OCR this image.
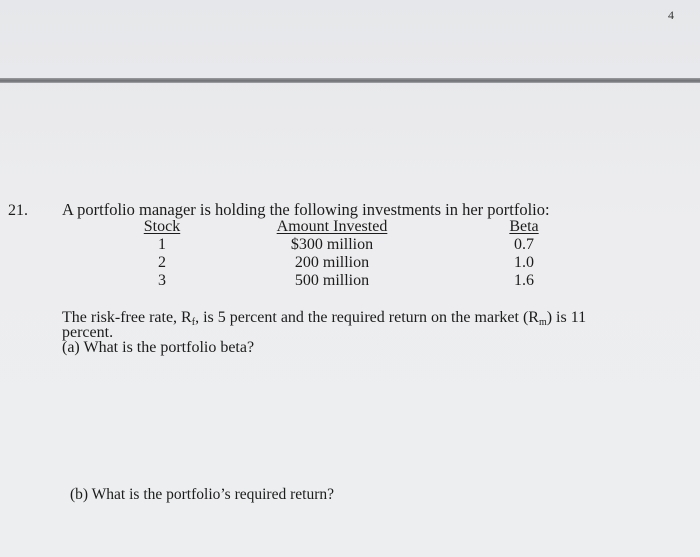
4
21. A portfolio manager is holding the following investments in her portfolio:
Stock
1
2
3
Amount Invested
$300 million
200 million
500 million
Beta
0.7
1.0
1.6
The risk-free rate, $R_f$, is 5 percent and the required return on the market $(R_m)$ is 11
percent.
(a) What is the portfolio beta?
(b) What is the portfolio’s required return?
